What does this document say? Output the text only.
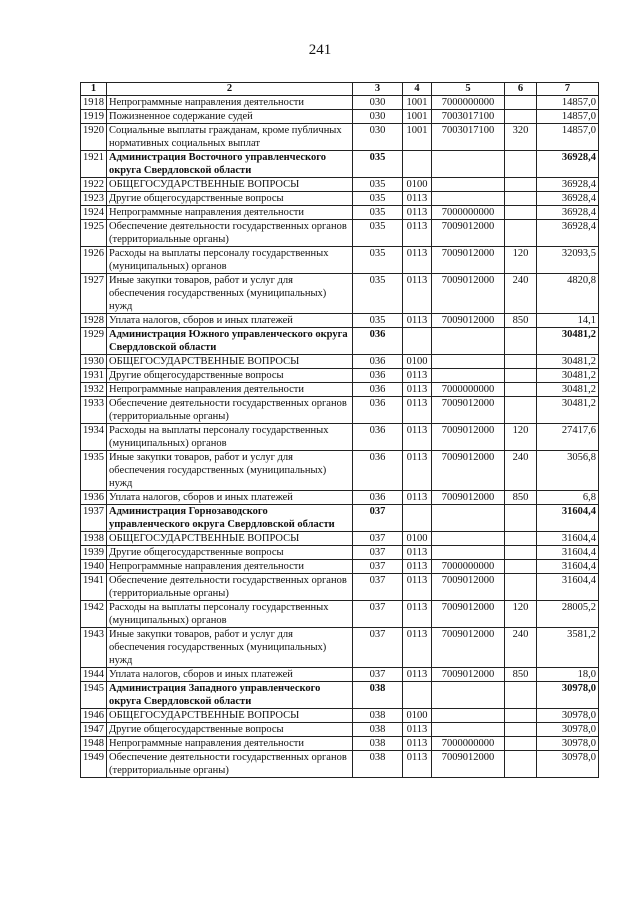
241
1	2	3	4	5	6	7
1918	Непрограммные направления деятельности	030	1001	7000000000		14857,0
1919	Пожизненное содержание судей	030	1001	7003017100		14857,0
1920	Социальные выплаты гражданам, кроме публичных нормативных социальных выплат	030	1001	7003017100	320	14857,0
1921	Администрация Восточного управленческого округа Свердловской области	035				36928,4
1922	ОБЩЕГОСУДАРСТВЕННЫЕ ВОПРОСЫ	035	0100			36928,4
1923	Другие общегосударственные вопросы	035	0113			36928,4
1924	Непрограммные направления деятельности	035	0113	7000000000		36928,4
1925	Обеспечение деятельности государственных органов (территориальные органы)	035	0113	7009012000		36928,4
1926	Расходы на выплаты персоналу государственных (муниципальных) органов	035	0113	7009012000	120	32093,5
1927	Иные закупки товаров, работ и услуг для обеспечения государственных (муниципальных) нужд	035	0113	7009012000	240	4820,8
1928	Уплата налогов, сборов и иных платежей	035	0113	7009012000	850	14,1
1929	Администрация Южного управленческого округа Свердловской области	036				30481,2
1930	ОБЩЕГОСУДАРСТВЕННЫЕ ВОПРОСЫ	036	0100			30481,2
1931	Другие общегосударственные вопросы	036	0113			30481,2
1932	Непрограммные направления деятельности	036	0113	7000000000		30481,2
1933	Обеспечение деятельности государственных органов (территориальные органы)	036	0113	7009012000		30481,2
1934	Расходы на выплаты персоналу государственных (муниципальных) органов	036	0113	7009012000	120	27417,6
1935	Иные закупки товаров, работ и услуг для обеспечения государственных (муниципальных) нужд	036	0113	7009012000	240	3056,8
1936	Уплата налогов, сборов и иных платежей	036	0113	7009012000	850	6,8
1937	Администрация Горнозаводского управленческого округа Свердловской области	037				31604,4
1938	ОБЩЕГОСУДАРСТВЕННЫЕ ВОПРОСЫ	037	0100			31604,4
1939	Другие общегосударственные вопросы	037	0113			31604,4
1940	Непрограммные направления деятельности	037	0113	7000000000		31604,4
1941	Обеспечение деятельности государственных органов (территориальные органы)	037	0113	7009012000		31604,4
1942	Расходы на выплаты персоналу государственных (муниципальных) органов	037	0113	7009012000	120	28005,2
1943	Иные закупки товаров, работ и услуг для обеспечения государственных (муниципальных) нужд	037	0113	7009012000	240	3581,2
1944	Уплата налогов, сборов и иных платежей	037	0113	7009012000	850	18,0
1945	Администрация Западного управленческого округа Свердловской области	038				30978,0
1946	ОБЩЕГОСУДАРСТВЕННЫЕ ВОПРОСЫ	038	0100			30978,0
1947	Другие общегосударственные вопросы	038	0113			30978,0
1948	Непрограммные направления деятельности	038	0113	7000000000		30978,0
1949	Обеспечение деятельности государственных органов (территориальные органы)	038	0113	7009012000		30978,0
